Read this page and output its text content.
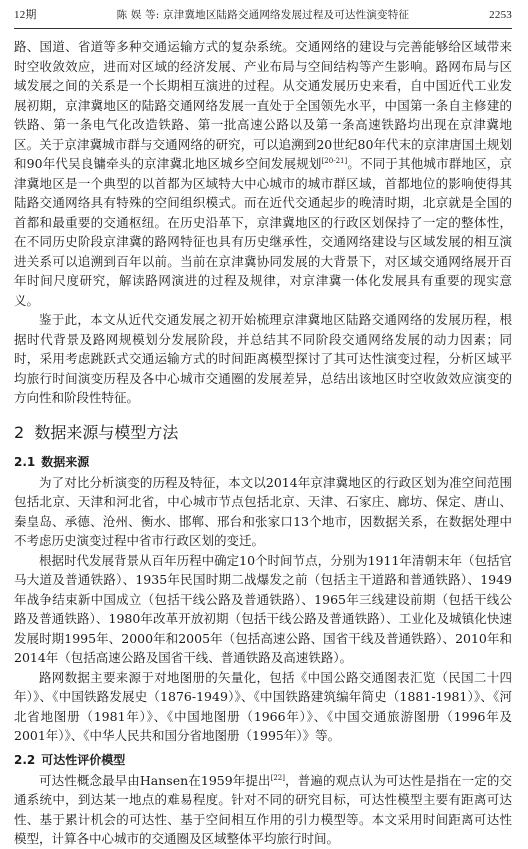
12期	陈 娱 等: 京津冀地区陆路交通网络发展过程及可达性演变特征	2253

路、国道、省道等多种交通运输方式的复杂系统。交通网络的建设与完善能够给区域带来时空收敛效应，进而对区域的经济发展、产业布局与空间结构等产生影响。路网布局与区域发展之间的关系是一个长期相互演进的过程。从交通发展历史来看，自中国近代工业发展初期，京津冀地区的陆路交通网络发展一直处于全国领先水平，中国第一条自主修建的铁路、第一条电气化改造铁路、第一批高速公路以及第一条高速铁路均出现在京津冀地区。关于京津冀城市群与交通网络的研究，可以追溯到20世纪80年代末的京津唐国土规划和90年代吴良镛牵头的京津冀北地区城乡空间发展规划[20-21]。不同于其他城市群地区，京津冀地区是一个典型的以首都为区域特大中心城市的城市群区域，首都地位的影响使得其陆路交通网络具有特殊的空间组织模式。而在近代交通起步的晚清时期，北京就是全国的首都和最重要的交通枢纽。在历史沿革下，京津冀地区的行政区划保持了一定的整体性，在不同历史阶段京津冀的路网特征也具有历史继承性，交通网络建设与区域发展的相互演进关系可以追溯到百年以前。当前在京津冀协同发展的大背景下，对区域交通网络展开百年时间尺度研究，解读路网演进的过程及规律，对京津冀一体化发展具有重要的现实意义。

鉴于此，本文从近代交通发展之初开始梳理京津冀地区陆路交通网络的发展历程，根据时代背景及路网规模划分发展阶段，并总结其不同阶段交通网络发展的动力因素；同时，采用考虑跳跃式交通运输方式的时间距离模型探讨了其可达性演变过程，分析区域平均旅行时间演变历程及各中心城市交通圈的发展差异，总结出该地区时空收敛效应演变的方向性和阶段性特征。

2 数据来源与模型方法
2.1 数据来源

为了对比分析演变的历程及特征，本文以2014年京津冀地区的行政区划为准空间范围包括北京、天津和河北省，中心城市节点包括北京、天津、石家庄、廊坊、保定、唐山、秦皇岛、承德、沧州、衡水、邯郸、邢台和张家口13个地市，因数据关系，在数据处理中不考虑历史演变过程中省市行政区划的变迁。

根据时代发展背景从百年历程中确定10个时间节点，分别为1911年清朝末年（包括官马大道及普通铁路）、1935年民国时期二战爆发之前（包括主干道路和普通铁路）、1949年战争结束新中国成立（包括干线公路及普通铁路）、1965年三线建设前期（包括干线公路及普通铁路）、1980年改革开放初期（包括干线公路及普通铁路）、工业化及城镇化快速发展时期1995年、2000年和2005年（包括高速公路、国省干线及普通铁路）、2010年和2014年（包括高速公路及国省干线、普通铁路及高速铁路）。

路网数据主要来源于对地图册的矢量化，包括《中国公路交通图表汇览（民国二十四年）》、《中国铁路发展史（1876-1949）》、《中国铁路建筑编年简史（1881-1981）》、《河北省地图册（1981年）》、《中国地图册（1966年）》、《中国交通旅游图册（1996年及2001年）》、《中华人民共和国分省地图册（1995年）》等。

2.2 可达性评价模型

可达性概念最早由Hansen在1959年提出[22]，普遍的观点认为可达性是指在一定的交通系统中，到达某一地点的难易程度。针对不同的研究目标，可达性模型主要有距离可达性、基于累计机会的可达性、基于空间相互作用的引力模型等。本文采用时间距离可达性模型，计算各中心城市的交通圈及区域整体平均旅行时间。
